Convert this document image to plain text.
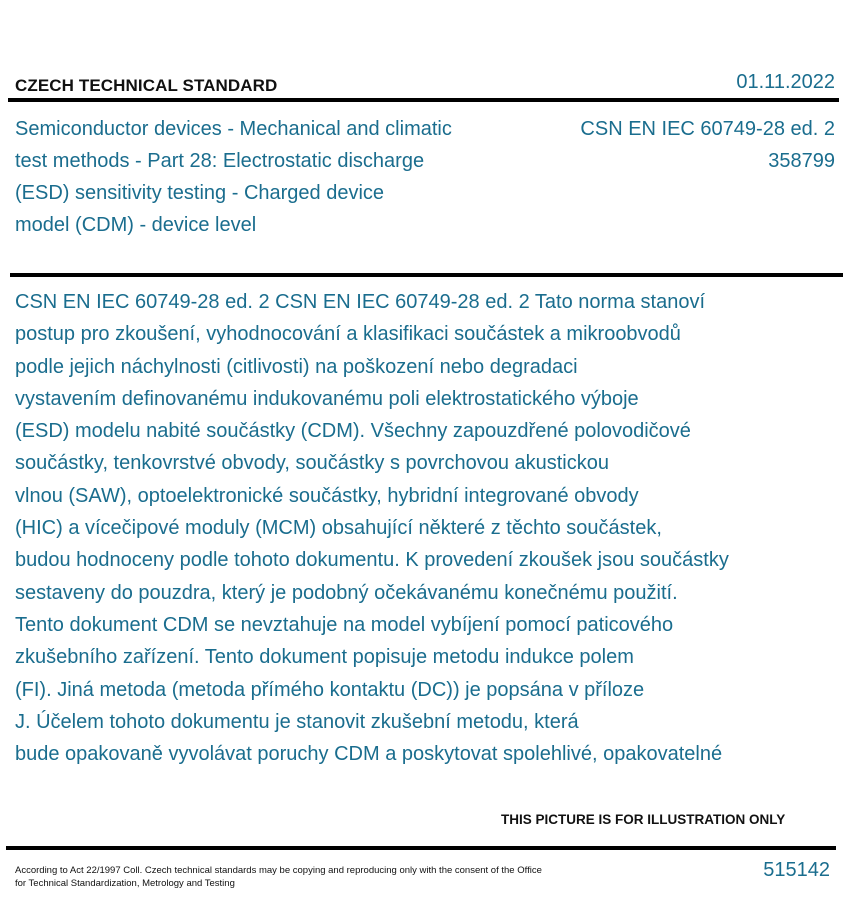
CZECH TECHNICAL STANDARD	01.11.2022
Semiconductor devices - Mechanical and climatic
test methods - Part 28: Electrostatic discharge
(ESD) sensitivity testing - Charged device
model (CDM) - device level
CSN EN IEC 60749-28 ed. 2
358799
CSN EN IEC 60749-28 ed. 2 CSN EN IEC 60749-28 ed. 2 Tato norma stanoví
postup pro zkoušení, vyhodnocování a klasifikaci součástek a mikroobvodů
podle jejich náchylnosti (citlivosti) na poškození nebo degradaci
vystavením definovanému indukovanému poli elektrostatického výboje
(ESD) modelu nabité součástky (CDM). Všechny zapouzdřené polovodičové
součástky, tenkovrstvé obvody, součástky s povrchovou akustickou
vlnou (SAW), optoelektronické součástky, hybridní integrované obvody
(HIC) a vícečipové moduly (MCM) obsahující některé z těchto součástek,
budou hodnoceny podle tohoto dokumentu. K provedení zkoušek jsou součástky
sestaveny do pouzdra, který je podobný očekávanému konečnému použití.
Tento dokument CDM se nevztahuje na model vybíjení pomocí paticového
zkušebního zařízení. Tento dokument popisuje metodu indukce polem
(FI). Jiná metoda (metoda přímého kontaktu (DC)) je popsána v příloze
J. Účelem tohoto dokumentu je stanovit zkušební metodu, která
bude opakovaně vyvolávat poruchy CDM a poskytovat spolehlivé, opakovatelné
THIS PICTURE IS FOR ILLUSTRATION ONLY
According to Act 22/1997 Coll. Czech technical standards may be copying and reproducing only with the consent of the Office
for Technical Standardization, Metrology and Testing
515142
